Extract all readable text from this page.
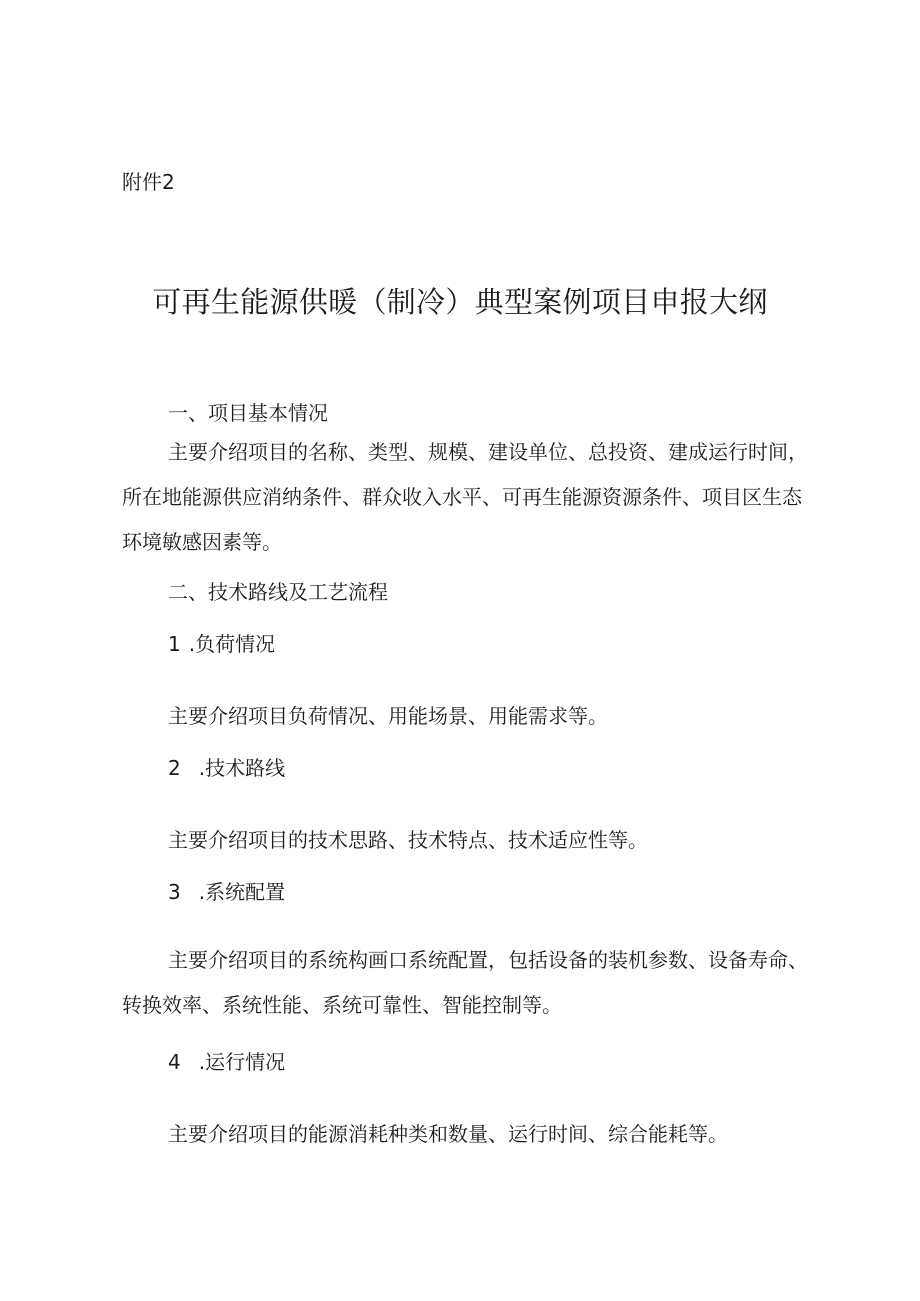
附件2
可再生能源供暖（制冷）典型案例项目申报大纲
一、项目基本情况
主要介绍项目的名称、类型、规模、建设单位、总投资、建成运行时间，所在地能源供应消纳条件、群众收入水平、可再生能源资源条件、项目区生态环境敏感因素等。
二、技术路线及工艺流程
1 .负荷情况
主要介绍项目负荷情况、用能场景、用能需求等。
2 .技术路线
主要介绍项目的技术思路、技术特点、技术适应性等。
3 .系统配置
主要介绍项目的系统构画口系统配置，包括设备的装机参数、设备寿命、转换效率、系统性能、系统可靠性、智能控制等。
4 .运行情况
主要介绍项目的能源消耗种类和数量、运行时间、综合能耗等。
